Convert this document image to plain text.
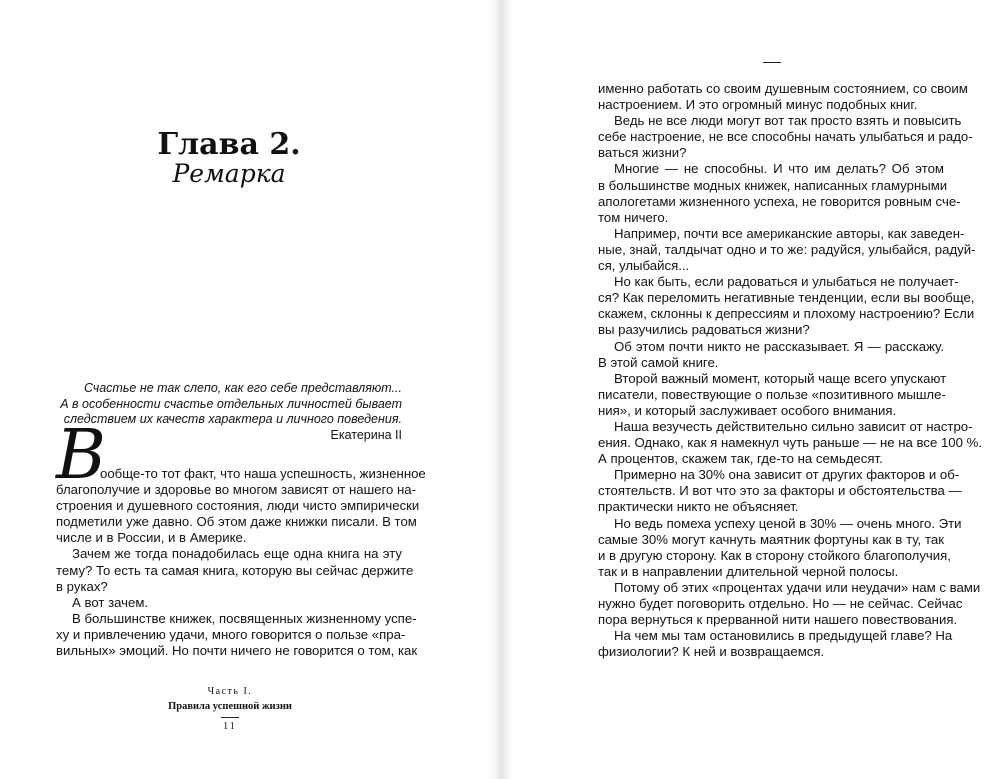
Глава 2.
Ремарка
Счастье не так слепо, как его себе представляют...
А в особенности счастье отдельных личностей бывает
следствием их качеств характера и личного поведения.
Екатерина II
В
ообще-то тот факт, что наша успешность, жизненное
благополучие и здоровье во многом зависят от нашего на-
строения и душевного состояния, люди чисто эмпирически
подметили уже давно. Об этом даже книжки писали. В том
числе и в России, и в Америке.
Зачем же тогда понадобилась еще одна книга на эту
тему? То есть та самая книга, которую вы сейчас держите
в руках?
А вот зачем.
В большинстве книжек, посвященных жизненному успе-
ху и привлечению удачи, много говорится о пользе «пра-
вильных» эмоций. Но почти ничего не говорится о том, как
Часть I.
Правила успешной жизни
11
именно работать со своим душевным состоянием, со своим
настроением. И это огромный минус подобных книг.
Ведь не все люди могут вот так просто взять и повысить
себе настроение, не все способны начать улыбаться и радо-
ваться жизни?
Многие — не способны. И что им делать? Об этом
в большинстве модных книжек, написанных гламурными
апологетами жизненного успеха, не говорится ровным сче-
том ничего.
Например, почти все американские авторы, как заведен-
ные, знай, талдычат одно и то же: радуйся, улыбайся, радуй-
ся, улыбайся...
Но как быть, если радоваться и улыбаться не получает-
ся? Как переломить негативные тенденции, если вы вообще,
скажем, склонны к депрессиям и плохому настроению? Если
вы разучились радоваться жизни?
Об этом почти никто не рассказывает. Я — расскажу.
В этой самой книге.
Второй важный момент, который чаще всего упускают
писатели, повествующие о пользе «позитивного мышле-
ния», и который заслуживает особого внимания.
Наша везучесть действительно сильно зависит от настро-
ения. Однако, как я намекнул чуть раньше — не на все 100 %.
А процентов, скажем так, где-то на семьдесят.
Примерно на 30% она зависит от других факторов и об-
стоятельств. И вот что это за факторы и обстоятельства —
практически никто не объясняет.
Но ведь помеха успеху ценой в 30% — очень много. Эти
самые 30% могут качнуть маятник фортуны как в ту, так
и в другую сторону. Как в сторону стойкого благополучия,
так и в направлении длительной черной полосы.
Потому об этих «процентах удачи или неудачи» нам с вами
нужно будет поговорить отдельно. Но — не сейчас. Сейчас
пора вернуться к прерванной нити нашего повествования.
На чем мы там остановились в предыдущей главе? На
физиологии? К ней и возвращаемся.
